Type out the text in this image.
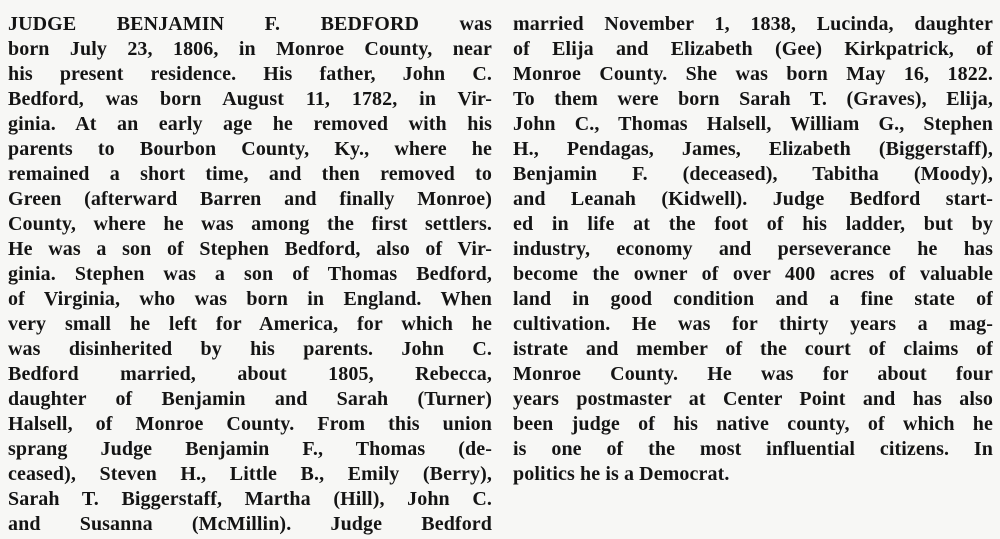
JUDGE BENJAMIN F. BEDFORD was
born July 23, 1806, in Monroe County, near
his present residence. His father, John C.
Bedford, was born August 11, 1782, in Vir-
ginia. At an early age he removed with his
parents to Bourbon County, Ky., where he
remained a short time, and then removed to
Green (afterward Barren and finally Monroe)
County, where he was among the first settlers.
He was a son of Stephen Bedford, also of Vir-
ginia. Stephen was a son of Thomas Bedford,
of Virginia, who was born in England. When
very small he left for America, for which he
was disinherited by his parents. John C.
Bedford married, about 1805, Rebecca,
daughter of Benjamin and Sarah (Turner)
Halsell, of Monroe County. From this union
sprang Judge Benjamin F., Thomas (de-
ceased), Steven H., Little B., Emily (Berry),
Sarah T. Biggerstaff, Martha (Hill), John C.
and Susanna (McMillin). Judge Bedford
married November 1, 1838, Lucinda, daughter
of Elija and Elizabeth (Gee) Kirkpatrick, of
Monroe County. She was born May 16, 1822.
To them were born Sarah T. (Graves), Elija,
John C., Thomas Halsell, William G., Stephen
H., Pendagas, James, Elizabeth (Biggerstaff),
Benjamin F. (deceased), Tabitha (Moody),
and Leanah (Kidwell). Judge Bedford start-
ed in life at the foot of his ladder, but by
industry, economy and perseverance he has
become the owner of over 400 acres of valuable
land in good condition and a fine state of
cultivation. He was for thirty years a mag-
istrate and member of the court of claims of
Monroe County. He was for about four
years postmaster at Center Point and has also
been judge of his native county, of which he
is one of the most influential citizens. In
politics he is a Democrat.
